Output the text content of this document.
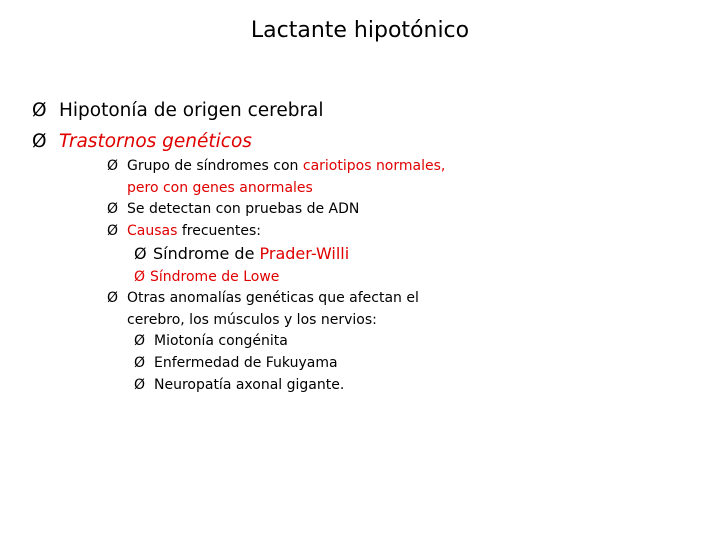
Lactante hipotónico
Ø Hipotonía de origen cerebral
Ø Trastornos genéticos
Ø Grupo de síndromes con cariotipos normales,
pero con genes anormales
Ø Se detectan con pruebas de ADN
Ø Causas frecuentes:
Ø Síndrome de Prader-Willi
Ø Síndrome de Lowe
Ø Otras anomalías genéticas que afectan el
cerebro, los músculos y los nervios:
Ø Miotonía congénita
Ø Enfermedad de Fukuyama
Ø Neuropatía axonal gigante.
